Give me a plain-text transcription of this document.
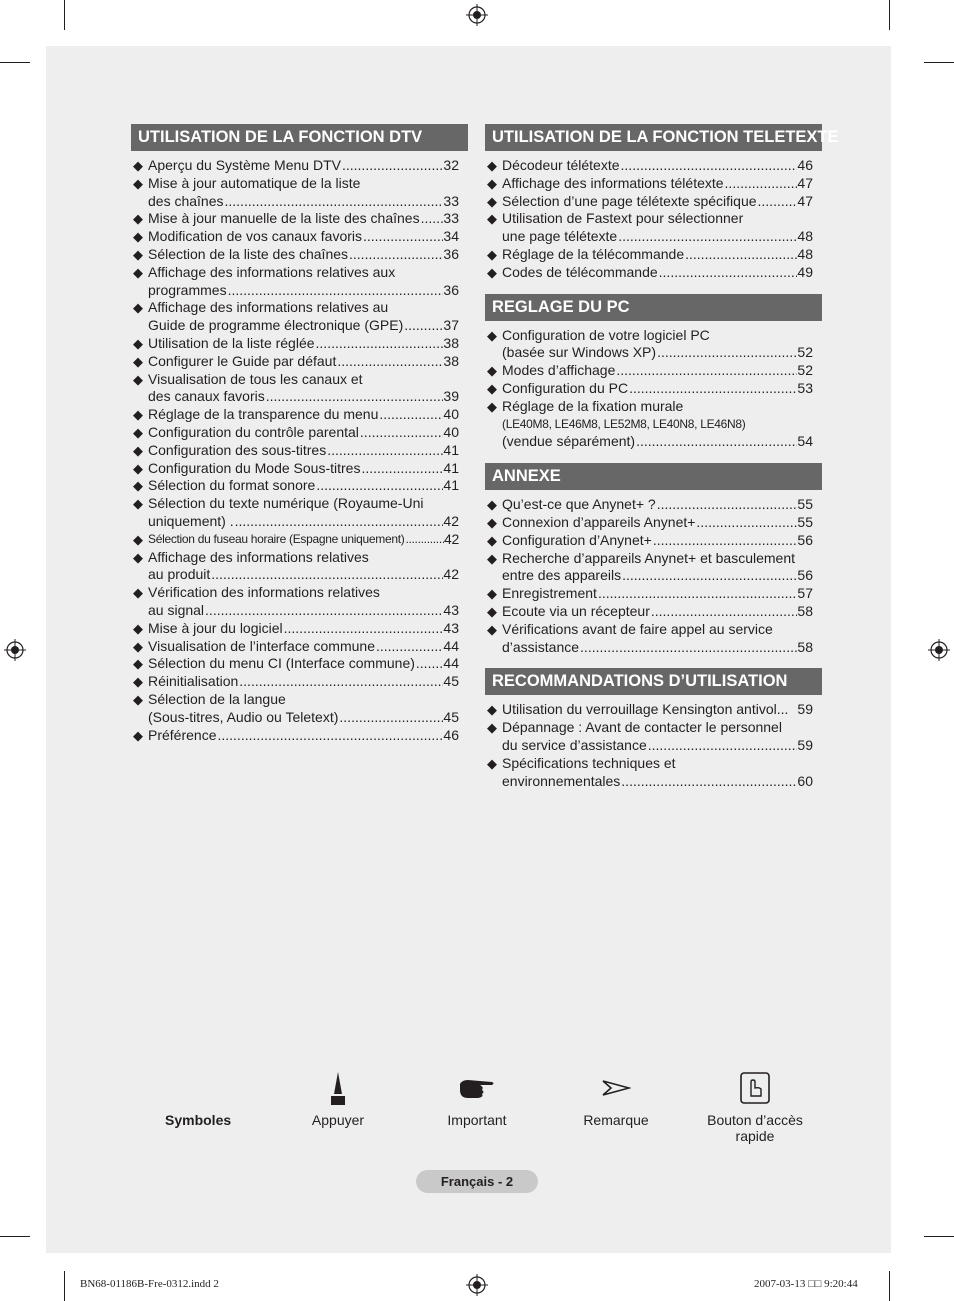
UTILISATION DE LA FONCTION DTV
◆ Aperçu du Système Menu DTV .....	32
◆ Mise à jour automatique de la liste
des chaînes .....	33
◆ Mise à jour manuelle de la liste des chaînes ..... 33
◆ Modification de vos canaux favoris .....	34
◆ Sélection de la liste des chaînes .....	36
◆ Affichage des informations relatives aux
programmes .....	36
◆ Affichage des informations relatives au
Guide de programme électronique (GPE) .....	37
◆ Utilisation de la liste réglée .....	38
◆ Configurer le Guide par défaut .....	38
◆ Visualisation de tous les canaux et
des canaux favoris .....	39
◆ Réglage de la transparence du menu .....	40
◆ Configuration du contrôle parental .....	40
◆ Configuration des sous-titres .....	41
◆ Configuration du Mode Sous-titres .....	41
◆ Sélection du format sonore .....	41
◆ Sélection du texte numérique (Royaume-Uni
uniquement) . .....	42
◆ Sélection du fuseau horaire (Espagne uniquement) .....	42
◆ Affichage des informations relatives
au produit .....	42
◆ Vérification des informations relatives
au signal .....	43
◆ Mise à jour du logiciel .....	43
◆ Visualisation de l’interface commune .....	44
◆ Sélection du menu CI (Interface commune) ..... 44
◆ Réinitialisation .....	45
◆ Sélection de la langue
(Sous-titres, Audio ou Teletext) .....	45
◆ Préférence .....	46
UTILISATION DE LA FONCTION TELETEXTE
◆ Décodeur télétexte .....	46
◆ Affichage des informations télétexte .....	47
◆ Sélection d’une page télétexte spécifique .....	47
◆ Utilisation de Fastext pour sélectionner
une page télétexte .....	48
◆ Réglage de la télécommande .....	48
◆ Codes de télécommande .....	49
REGLAGE DU PC
◆ Configuration de votre logiciel PC
(basée sur Windows XP) .....	52
◆ Modes d’affichage .....	52
◆ Configuration du PC .....	53
◆ Réglage de la fixation murale
(LE40M8, LE46M8, LE52M8, LE40N8, LE46N8)
(vendue séparément) .....	54
ANNEXE
◆ Qu’est-ce que Anynet+ ? .....	55
◆ Connexion d’appareils Anynet+ .....	55
◆ Configuration d’Anynet+ .....	56
◆ Recherche d’appareils Anynet+ et basculement
entre des appareils .....	56
◆ Enregistrement .....	57
◆ Ecoute via un récepteur .....	58
◆ Vérifications avant de faire appel au service
d’assistance .....	58
RECOMMANDATIONS D’UTILISATION
◆ Utilisation du verrouillage Kensington antivol... 59
◆ Dépannage : Avant de contacter le personnel
du service d’assistance .....	59
◆ Spécifications techniques et
environnementales .....	60
Symboles	Appuyer	Important	Remarque	Bouton d’accès rapide
Français - 2
BN68-01186B-Fre-0312.indd 2	2007-03-13 □□ 9:20:44
